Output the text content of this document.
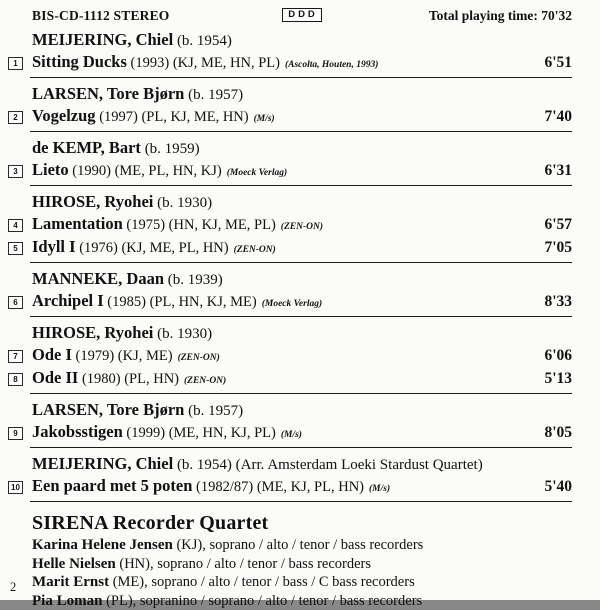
BIS-CD-1112 STEREO	DDD	Total playing time: 70'32
MEIJERING, Chiel (b. 1954)
1 Sitting Ducks (1993) (KJ, ME, HN, PL) (Ascolta, Houten, 1993)	6'51
LARSEN, Tore Bjørn (b. 1957)
2 Vogelzug (1997) (PL, KJ, ME, HN) (M/s)	7'40
de KEMP, Bart (b. 1959)
3 Lieto (1990) (ME, PL, HN, KJ) (Moeck Verlag)	6'31
HIROSE, Ryohei (b. 1930)
4 Lamentation (1975) (HN, KJ, ME, PL) (ZEN-ON)	6'57
5 Idyll I (1976) (KJ, ME, PL, HN) (ZEN-ON)	7'05
MANNEKE, Daan (b. 1939)
6 Archipel I (1985) (PL, HN, KJ, ME) (Moeck Verlag)	8'33
HIROSE, Ryohei (b. 1930)
7 Ode I (1979) (KJ, ME) (ZEN-ON)	6'06
8 Ode II (1980) (PL, HN) (ZEN-ON)	5'13
LARSEN, Tore Bjørn (b. 1957)
9 Jakobsstigen (1999) (ME, HN, KJ, PL) (M/s)	8'05
MEIJERING, Chiel (b. 1954) (Arr. Amsterdam Loeki Stardust Quartet)
10 Een paard met 5 poten (1982/87) (ME, KJ, PL, HN) (M/s)	5'40
SIRENA Recorder Quartet
Karina Helene Jensen (KJ), soprano / alto / tenor / bass recorders
Helle Nielsen (HN), soprano / alto / tenor / bass recorders
Marit Ernst (ME), soprano / alto / tenor / bass / C bass recorders
Pia Loman (PL), sopranino / soprano / alto / tenor / bass recorders
2
